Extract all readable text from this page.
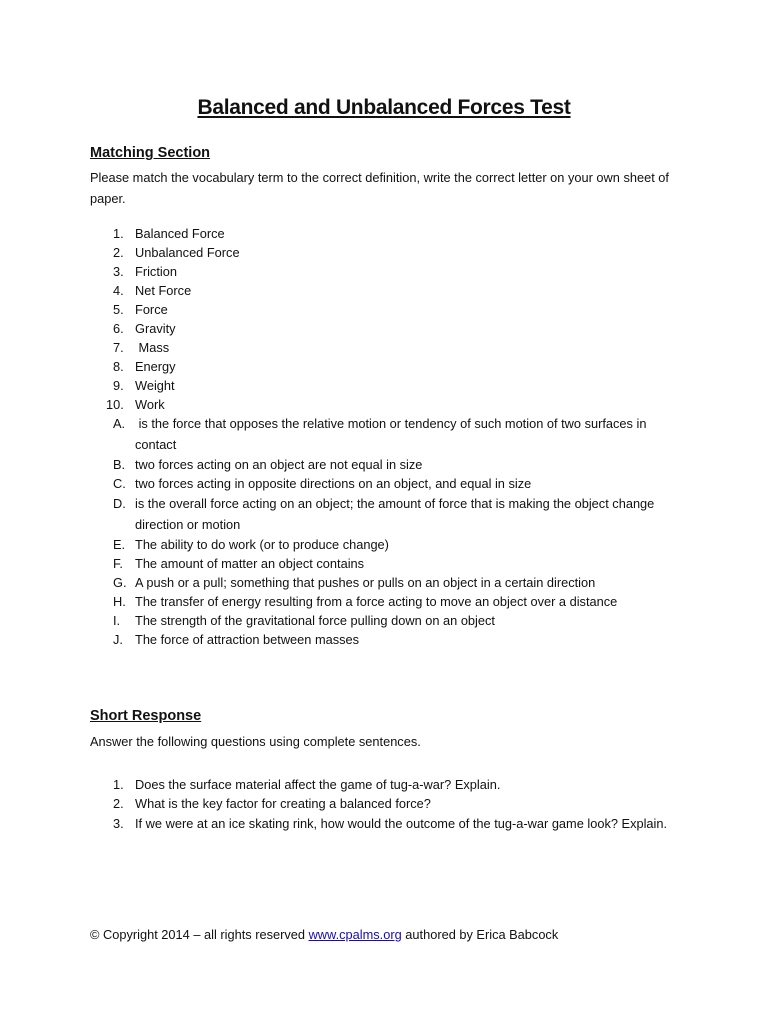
Balanced and Unbalanced Forces Test
Matching Section

Please match the vocabulary term to the correct definition, write the correct letter on your own sheet of paper.

1. Balanced Force
2. Unbalanced Force
3. Friction
4. Net Force
5. Force
6. Gravity
7. Mass
8. Energy
9. Weight
10. Work
A. is the force that opposes the relative motion or tendency of such motion of two surfaces in contact
B. two forces acting on an object are not equal in size
C. two forces acting in opposite directions on an object, and equal in size
D. is the overall force acting on an object; the amount of force that is making the object change direction or motion
E. The ability to do work (or to produce change)
F. The amount of matter an object contains
G. A push or a pull; something that pushes or pulls on an object in a certain direction
H. The transfer of energy resulting from a force acting to move an object over a distance
I.	The strength of the gravitational force pulling down on an object
J. The force of attraction between masses
Short Response

Answer the following questions using complete sentences.

1. Does the surface material affect the game of tug-a-war? Explain.
2. What is the key factor for creating a balanced force?
3. If we were at an ice skating rink, how would the outcome of the tug-a-war game look? Explain.

© Copyright 2014 – all rights reserved www.cpalms.org authored by Erica Babcock
